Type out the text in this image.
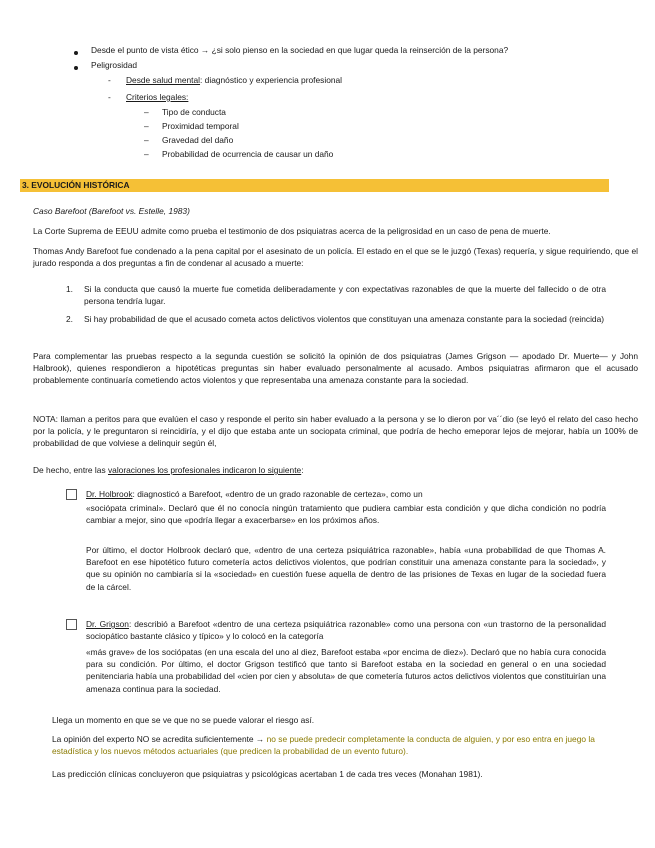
Desde el punto de vista ético → ¿si solo pienso en la sociedad en que lugar queda la reinserción de la persona?
Peligrosidad
- Desde salud mental: diagnóstico y experiencia profesional
- Criterios legales:
– Tipo de conducta
– Proximidad temporal
– Gravedad del daño
– Probabilidad de ocurrencia de causar un daño
3. EVOLUCIÓN HISTÓRICA
Caso Barefoot (Barefoot vs. Estelle, 1983)
La Corte Suprema de EEUU admite como prueba el testimonio de dos psiquiatras acerca de la peligrosidad en un caso de pena de muerte.
Thomas Andy Barefoot fue condenado a la pena capital por el asesinato de un policía. El estado en el que se le juzgó (Texas) requería, y sigue requiriendo, que el jurado responda a dos preguntas a fin de condenar al acusado a muerte:
1. Si la conducta que causó la muerte fue cometida deliberadamente y con expectativas razonables de que la muerte del fallecido o de otra persona tendría lugar.
2. Si hay probabilidad de que el acusado cometa actos delictivos violentos que constituyan una amenaza constante para la sociedad (reincida)
Para complementar las pruebas respecto a la segunda cuestión se solicitó la opinión de dos psiquiatras (James Grigson — apodado Dr. Muerte— y John Halbrook), quienes respondieron a hipotéticas preguntas sin haber evaluado personalmente al acusado. Ambos psiquiatras afirmaron que el acusado probablemente continuaría cometiendo actos violentos y que representaba una amenaza constante para la sociedad.
NOTA: llaman a peritos para que evalúen el caso y responde el perito sin haber evaluado a la persona y se lo dieron por va´´dio (se leyó el relato del caso hecho por la policía, y le preguntaron si reincidiría, y el dijo que estaba ante un sociopata criminal, que podría de hecho emeporar lejos de mejorar, había un 100% de probabilidad de que volviese a delinquir según él,
De hecho, entre las valoraciones los profesionales indicaron lo siguiente:
Dr. Holbrook: diagnosticó a Barefoot, «dentro de un grado razonable de certeza», como un
«sociópata criminal». Declaró que él no conocía ningún tratamiento que pudiera cambiar esta condición y que dicha condición no podría cambiar a mejor, sino que «podría llegar a exacerbarse» en los próximos años.
Por último, el doctor Holbrook declaró que, «dentro de una certeza psiquiátrica razonable», había «una probabilidad de que Thomas A. Barefoot en ese hipotético futuro cometería actos delictivos violentos, que podrían constituir una amenaza constante para la sociedad», y que su opinión no cambiaría si la «sociedad» en cuestión fuese aquella de dentro de las prisiones de Texas en lugar de la sociedad fuera de la cárcel.
Dr. Grigson: describió a Barefoot «dentro de una certeza psiquiátrica razonable» como una persona con «un trastorno de la personalidad sociopático bastante clásico y típico» y lo colocó en la categoría
«más grave» de los sociópatas (en una escala del uno al diez, Barefoot estaba «por encima de diez»). Declaró que no había cura conocida para su condición. Por último, el doctor Grigson testificó que tanto si Barefoot estaba en la sociedad en general o en una sociedad penitenciaria había una probabilidad del «cien por cien y absoluta» de que cometería futuros actos delictivos violentos que constituirían una amenaza continua para la sociedad.
Llega un momento en que se ve que no se puede valorar el riesgo así.
La opinión del experto NO se acredita suficientemente → no se puede predecir completamente la conducta de alguien, y por eso entra en juego la estadística y los nuevos métodos actuariales (que predicen la probabilidad de un evento futuro).
Las predicción clínicas concluyeron que psiquiatras y psicológicas acertaban 1 de cada tres veces (Monahan 1981).
